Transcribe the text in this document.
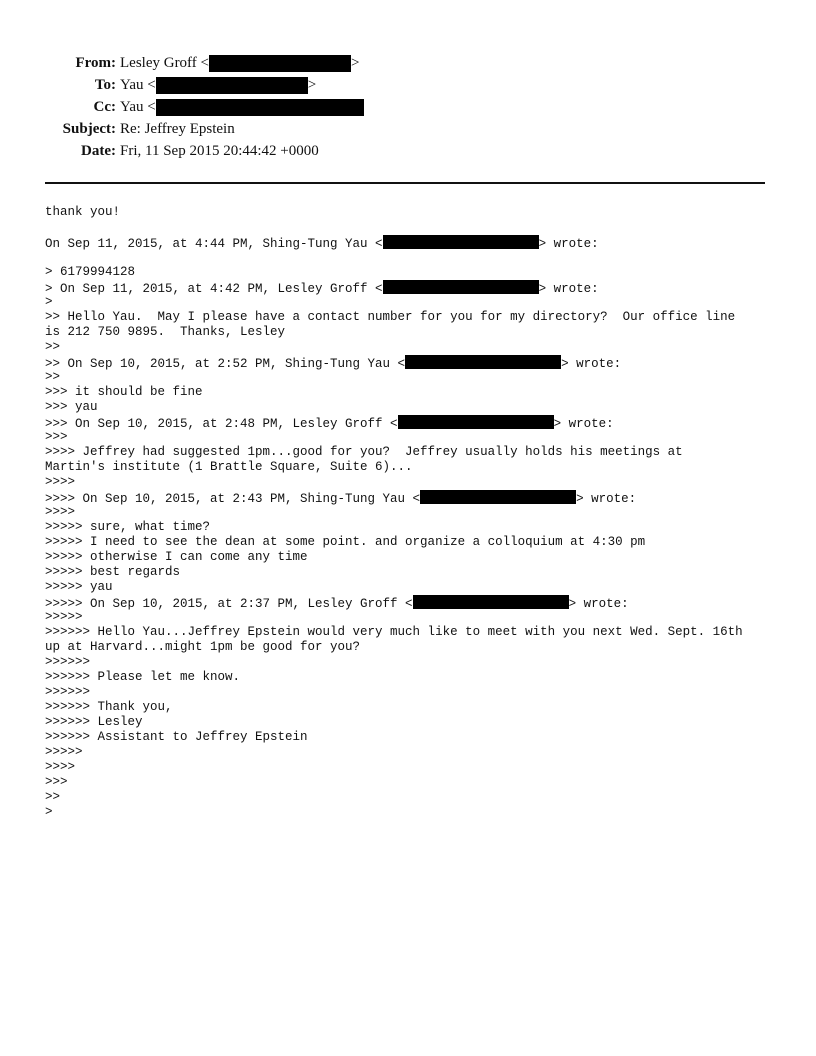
From: Lesley Groff <	>
To: Yau <	>
Cc: Yau <
Subject: Re: Jeffrey Epstein
Date: Fri, 11 Sep 2015 20:44:42 +0000
thank you!
On Sep 11, 2015, at 4:44 PM, Shing-Tung Yau <	> wrote:
> 6179994128
> On Sep 11, 2015, at 4:42 PM, Lesley Groff <	> wrote:
>
>> Hello Yau.  May I please have a contact number for you for my directory?  Our office line
is 212 750 9895.  Thanks, Lesley
>>
>> On Sep 10, 2015, at 2:52 PM, Shing-Tung Yau <	> wrote:
>>
>>> it should be fine
>>> yau
>>> On Sep 10, 2015, at 2:48 PM, Lesley Groff <	> wrote:
>>>
>>>> Jeffrey had suggested 1pm...good for you?  Jeffrey usually holds his meetings at
Martin's institute (1 Brattle Square, Suite 6)...
>>>>
>>>> On Sep 10, 2015, at 2:43 PM, Shing-Tung Yau <	> wrote:
>>>>
>>>>> sure, what time?
>>>>> I need to see the dean at some point. and organize a colloquium at 4:30 pm
>>>>> otherwise I can come any time
>>>>> best regards
>>>>> yau
>>>>> On Sep 10, 2015, at 2:37 PM, Lesley Groff <	> wrote:
>>>>>
>>>>>> Hello Yau...Jeffrey Epstein would very much like to meet with you next Wed. Sept. 16th
up at Harvard...might 1pm be good for you?
>>>>>>
>>>>>> Please let me know.
>>>>>>
>>>>>> Thank you,
>>>>>> Lesley
>>>>>> Assistant to Jeffrey Epstein
>>>>>
>>>>
>>>
>>
>
